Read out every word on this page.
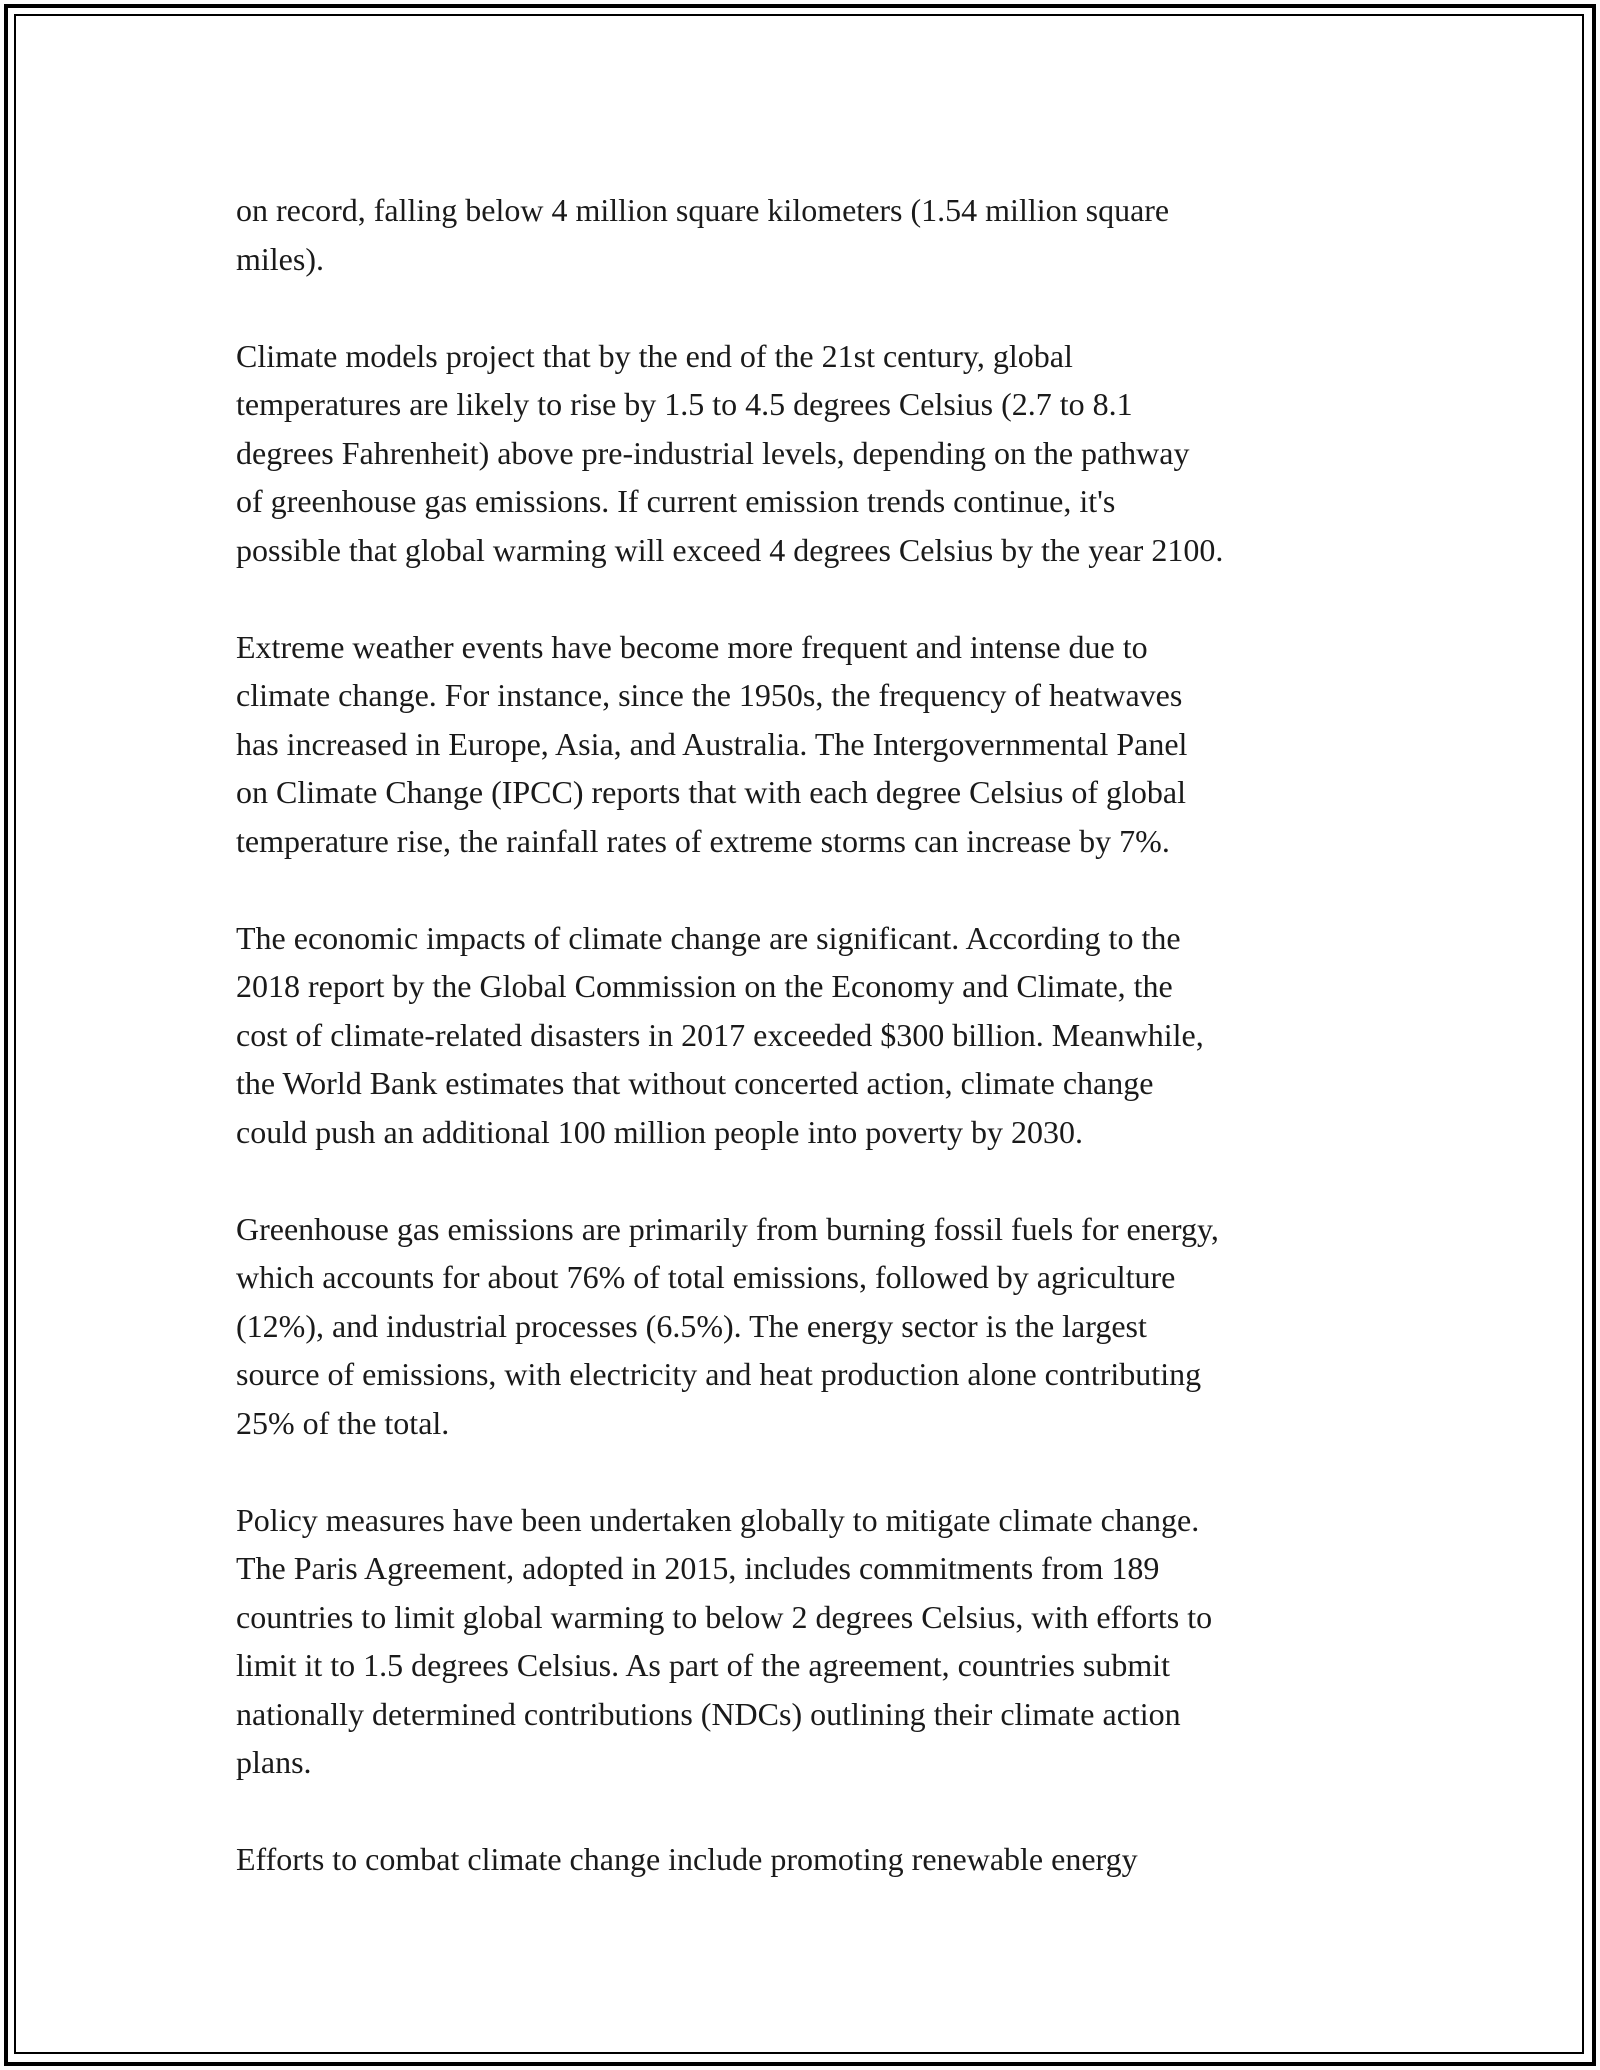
on record, falling below 4 million square kilometers (1.54 million square
miles).

Climate models project that by the end of the 21st century, global
temperatures are likely to rise by 1.5 to 4.5 degrees Celsius (2.7 to 8.1
degrees Fahrenheit) above pre-industrial levels, depending on the pathway
of greenhouse gas emissions. If current emission trends continue, it's
possible that global warming will exceed 4 degrees Celsius by the year 2100.

Extreme weather events have become more frequent and intense due to
climate change. For instance, since the 1950s, the frequency of heatwaves
has increased in Europe, Asia, and Australia. The Intergovernmental Panel
on Climate Change (IPCC) reports that with each degree Celsius of global
temperature rise, the rainfall rates of extreme storms can increase by 7%.

The economic impacts of climate change are significant. According to the
2018 report by the Global Commission on the Economy and Climate, the
cost of climate-related disasters in 2017 exceeded $300 billion. Meanwhile,
the World Bank estimates that without concerted action, climate change
could push an additional 100 million people into poverty by 2030.

Greenhouse gas emissions are primarily from burning fossil fuels for energy,
which accounts for about 76% of total emissions, followed by agriculture
(12%), and industrial processes (6.5%). The energy sector is the largest
source of emissions, with electricity and heat production alone contributing
25% of the total.

Policy measures have been undertaken globally to mitigate climate change.
The Paris Agreement, adopted in 2015, includes commitments from 189
countries to limit global warming to below 2 degrees Celsius, with efforts to
limit it to 1.5 degrees Celsius. As part of the agreement, countries submit
nationally determined contributions (NDCs) outlining their climate action
plans.

Efforts to combat climate change include promoting renewable energy
